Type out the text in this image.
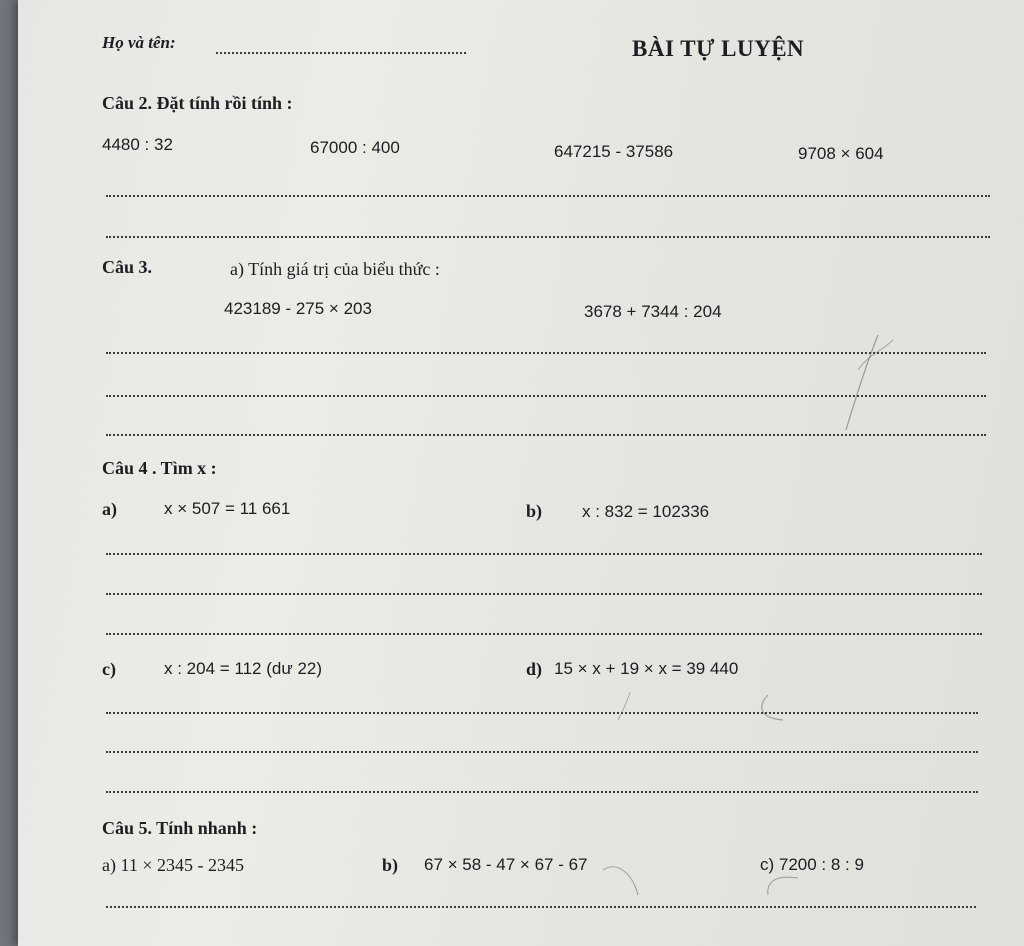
Họ và tên:	BÀI TỰ LUYỆN
Câu 2. Đặt tính rồi tính :
4480 : 32	67000 : 400	647215 - 37586	9708 × 604
Câu 3.	a) Tính giá trị của biểu thức :
423189 - 275 × 203	3678 + 7344 : 204
Câu 4 . Tìm x :
a)	x × 507 = 11 661	b) x : 832 = 102336
c)	x : 204 = 112 (dư 22)	d) 15 × x + 19 × x = 39 440
Câu 5. Tính nhanh :
a) 11 × 2345 - 2345	b) 67 × 58 - 47 × 67 - 67	c) 7200 : 8 : 9
